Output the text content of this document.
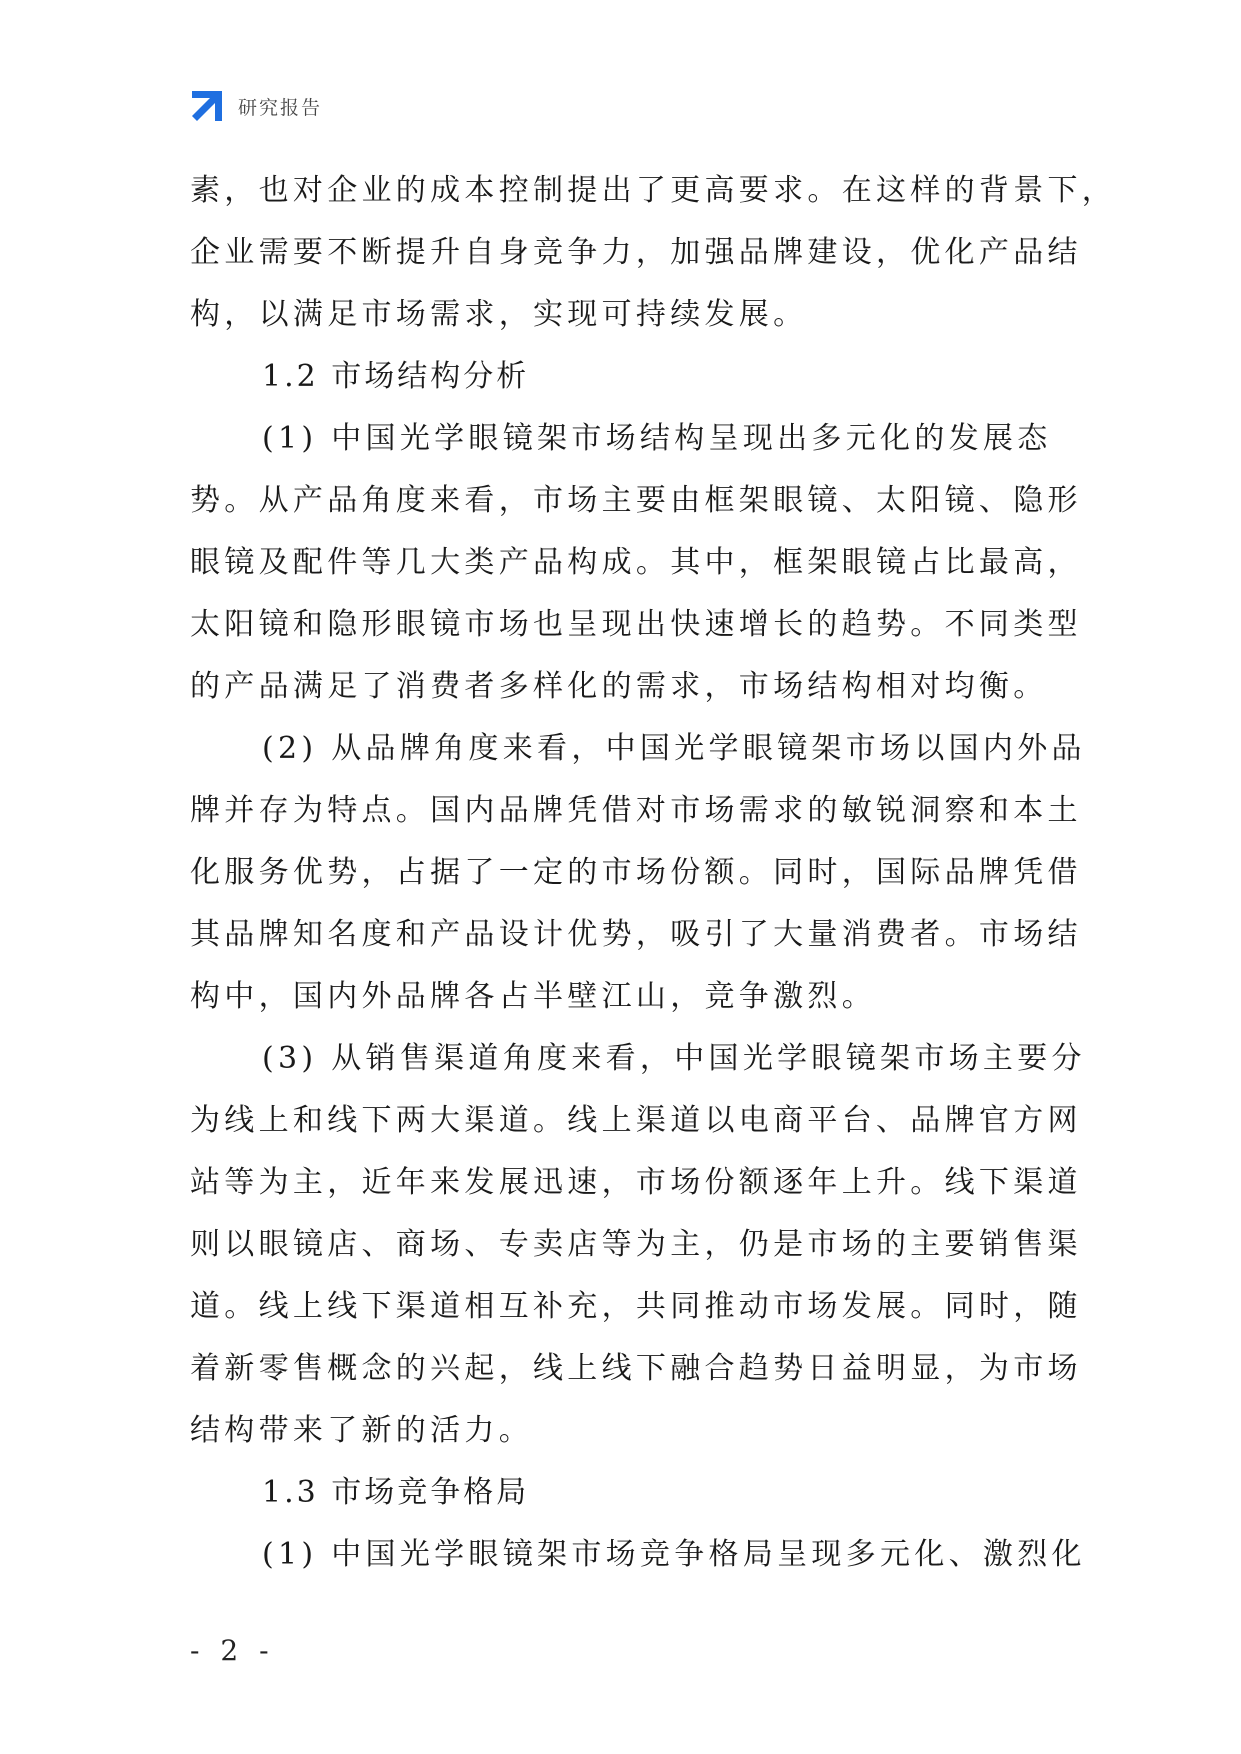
研究报告
素，也对企业的成本控制提出了更高要求。在这样的背景下，
企业需要不断提升自身竞争力，加强品牌建设，优化产品结
构，以满足市场需求，实现可持续发展。
1.2 市场结构分析
(1) 中国光学眼镜架市场结构呈现出多元化的发展态
势。从产品角度来看，市场主要由框架眼镜、太阳镜、隐形
眼镜及配件等几大类产品构成。其中，框架眼镜占比最高，
太阳镜和隐形眼镜市场也呈现出快速增长的趋势。不同类型
的产品满足了消费者多样化的需求，市场结构相对均衡。
(2) 从品牌角度来看，中国光学眼镜架市场以国内外品
牌并存为特点。国内品牌凭借对市场需求的敏锐洞察和本土
化服务优势，占据了一定的市场份额。同时，国际品牌凭借
其品牌知名度和产品设计优势，吸引了大量消费者。市场结
构中，国内外品牌各占半壁江山，竞争激烈。
(3) 从销售渠道角度来看，中国光学眼镜架市场主要分
为线上和线下两大渠道。线上渠道以电商平台、品牌官方网
站等为主，近年来发展迅速，市场份额逐年上升。线下渠道
则以眼镜店、商场、专卖店等为主，仍是市场的主要销售渠
道。线上线下渠道相互补充，共同推动市场发展。同时，随
着新零售概念的兴起，线上线下融合趋势日益明显，为市场
结构带来了新的活力。
1.3 市场竞争格局
(1) 中国光学眼镜架市场竞争格局呈现多元化、激烈化
- 2 -
